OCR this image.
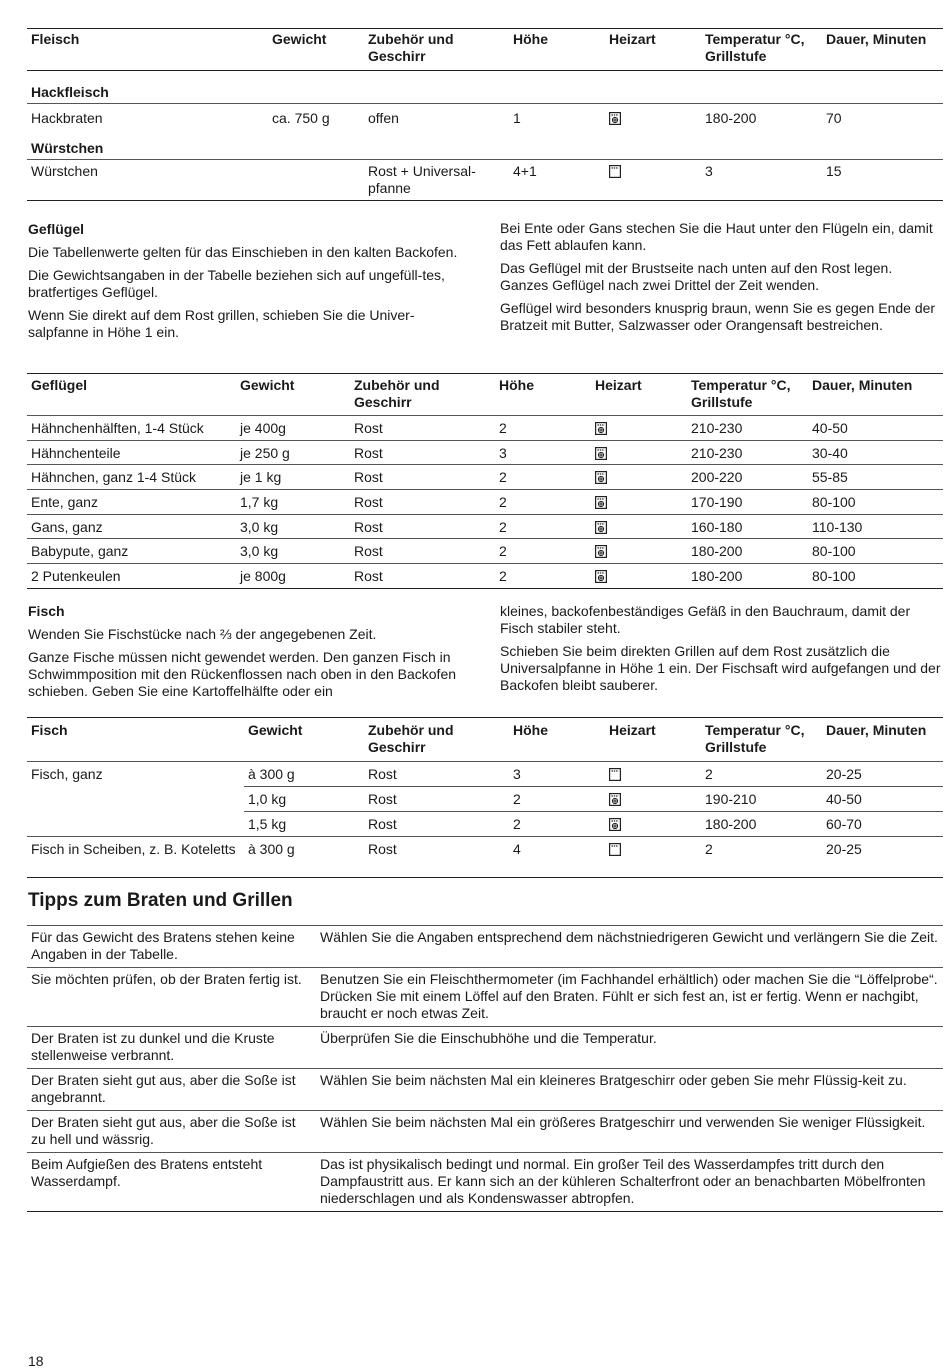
Fleisch	Gewicht	Zubehör und Geschirr	Höhe	Heizart	Temperatur °C, Grillstufe	Dauer, Minuten
Hackfleisch						
Hackbraten	ca. 750 g	offen	1		180-200	70
Würstchen						
Würstchen		Rost + Universal-pfanne	4+1		3	15
Geflügel

Die Tabellenwerte gelten für das Einschieben in den kalten Backofen.

Die Gewichtsangaben in der Tabelle beziehen sich auf ungefüll-tes, bratfertiges Geflügel.

Wenn Sie direkt auf dem Rost grillen, schieben Sie die Univer-salpfanne in Höhe 1 ein.

Bei Ente oder Gans stechen Sie die Haut unter den Flügeln ein, damit das Fett ablaufen kann.

Das Geflügel mit der Brustseite nach unten auf den Rost legen. Ganzes Geflügel nach zwei Drittel der Zeit wenden.

Geflügel wird besonders knusprig braun, wenn Sie es gegen Ende der Bratzeit mit Butter, Salzwasser oder Orangensaft bestreichen.

Geflügel	Gewicht	Zubehör und Geschirr	Höhe	Heizart	Temperatur °C, Grillstufe	Dauer, Minuten
Hähnchenhälften, 1-4 Stück	je 400g	Rost	2		210-230	40-50
Hähnchenteile	je 250 g	Rost	3		210-230	30-40
Hähnchen, ganz 1-4 Stück	je 1 kg	Rost	2		200-220	55-85
Ente, ganz	1,7 kg	Rost	2		170-190	80-100
Gans, ganz	3,0 kg	Rost	2		160-180	110-130
Babypute, ganz	3,0 kg	Rost	2		180-200	80-100
2 Putenkeulen	je 800g	Rost	2		180-200	80-100
Fisch

Wenden Sie Fischstücke nach ⅔ der angegebenen Zeit.

Ganze Fische müssen nicht gewendet werden. Den ganzen Fisch in Schwimmposition mit den Rückenflossen nach oben in den Backofen schieben. Geben Sie eine Kartoffelhälfte oder ein

kleines, backofenbeständiges Gefäß in den Bauchraum, damit der Fisch stabiler steht.

Schieben Sie beim direkten Grillen auf dem Rost zusätzlich die Universalpfanne in Höhe 1 ein. Der Fischsaft wird aufgefangen und der Backofen bleibt sauberer.

Fisch	Gewicht	Zubehör und Geschirr	Höhe	Heizart	Temperatur °C, Grillstufe	Dauer, Minuten
Fisch, ganz	à 300 g	Rost	3		2	20-25
	1,0 kg	Rost	2		190-210	40-50
	1,5 kg	Rost	2		180-200	60-70
Fisch in Scheiben, z. B. Koteletts	à 300 g	Rost	4		2	20-25
Tipps zum Braten und Grillen
Für das Gewicht des Bratens stehen keine Angaben in der Tabelle.	Wählen Sie die Angaben entsprechend dem nächstniedrigeren Gewicht und verlängern Sie die Zeit.
Sie möchten prüfen, ob der Braten fertig ist.	Benutzen Sie ein Fleischthermometer (im Fachhandel erhältlich) oder machen Sie die “Löffelprobe“. Drücken Sie mit einem Löffel auf den Braten. Fühlt er sich fest an, ist er fertig. Wenn er nachgibt, braucht er noch etwas Zeit.
Der Braten ist zu dunkel und die Kruste stellenweise verbrannt.	Überprüfen Sie die Einschubhöhe und die Temperatur.
Der Braten sieht gut aus, aber die Soße ist angebrannt.	Wählen Sie beim nächsten Mal ein kleineres Bratgeschirr oder geben Sie mehr Flüssig-keit zu.
Der Braten sieht gut aus, aber die Soße ist zu hell und wässrig.	Wählen Sie beim nächsten Mal ein größeres Bratgeschirr und verwenden Sie weniger Flüssigkeit.
Beim Aufgießen des Bratens entsteht Wasserdampf.	Das ist physikalisch bedingt und normal. Ein großer Teil des Wasserdampfes tritt durch den Dampfaustritt aus. Er kann sich an der kühleren Schalterfront oder an benachbarten Möbelfronten niederschlagen und als Kondenswasser abtropfen.
18
